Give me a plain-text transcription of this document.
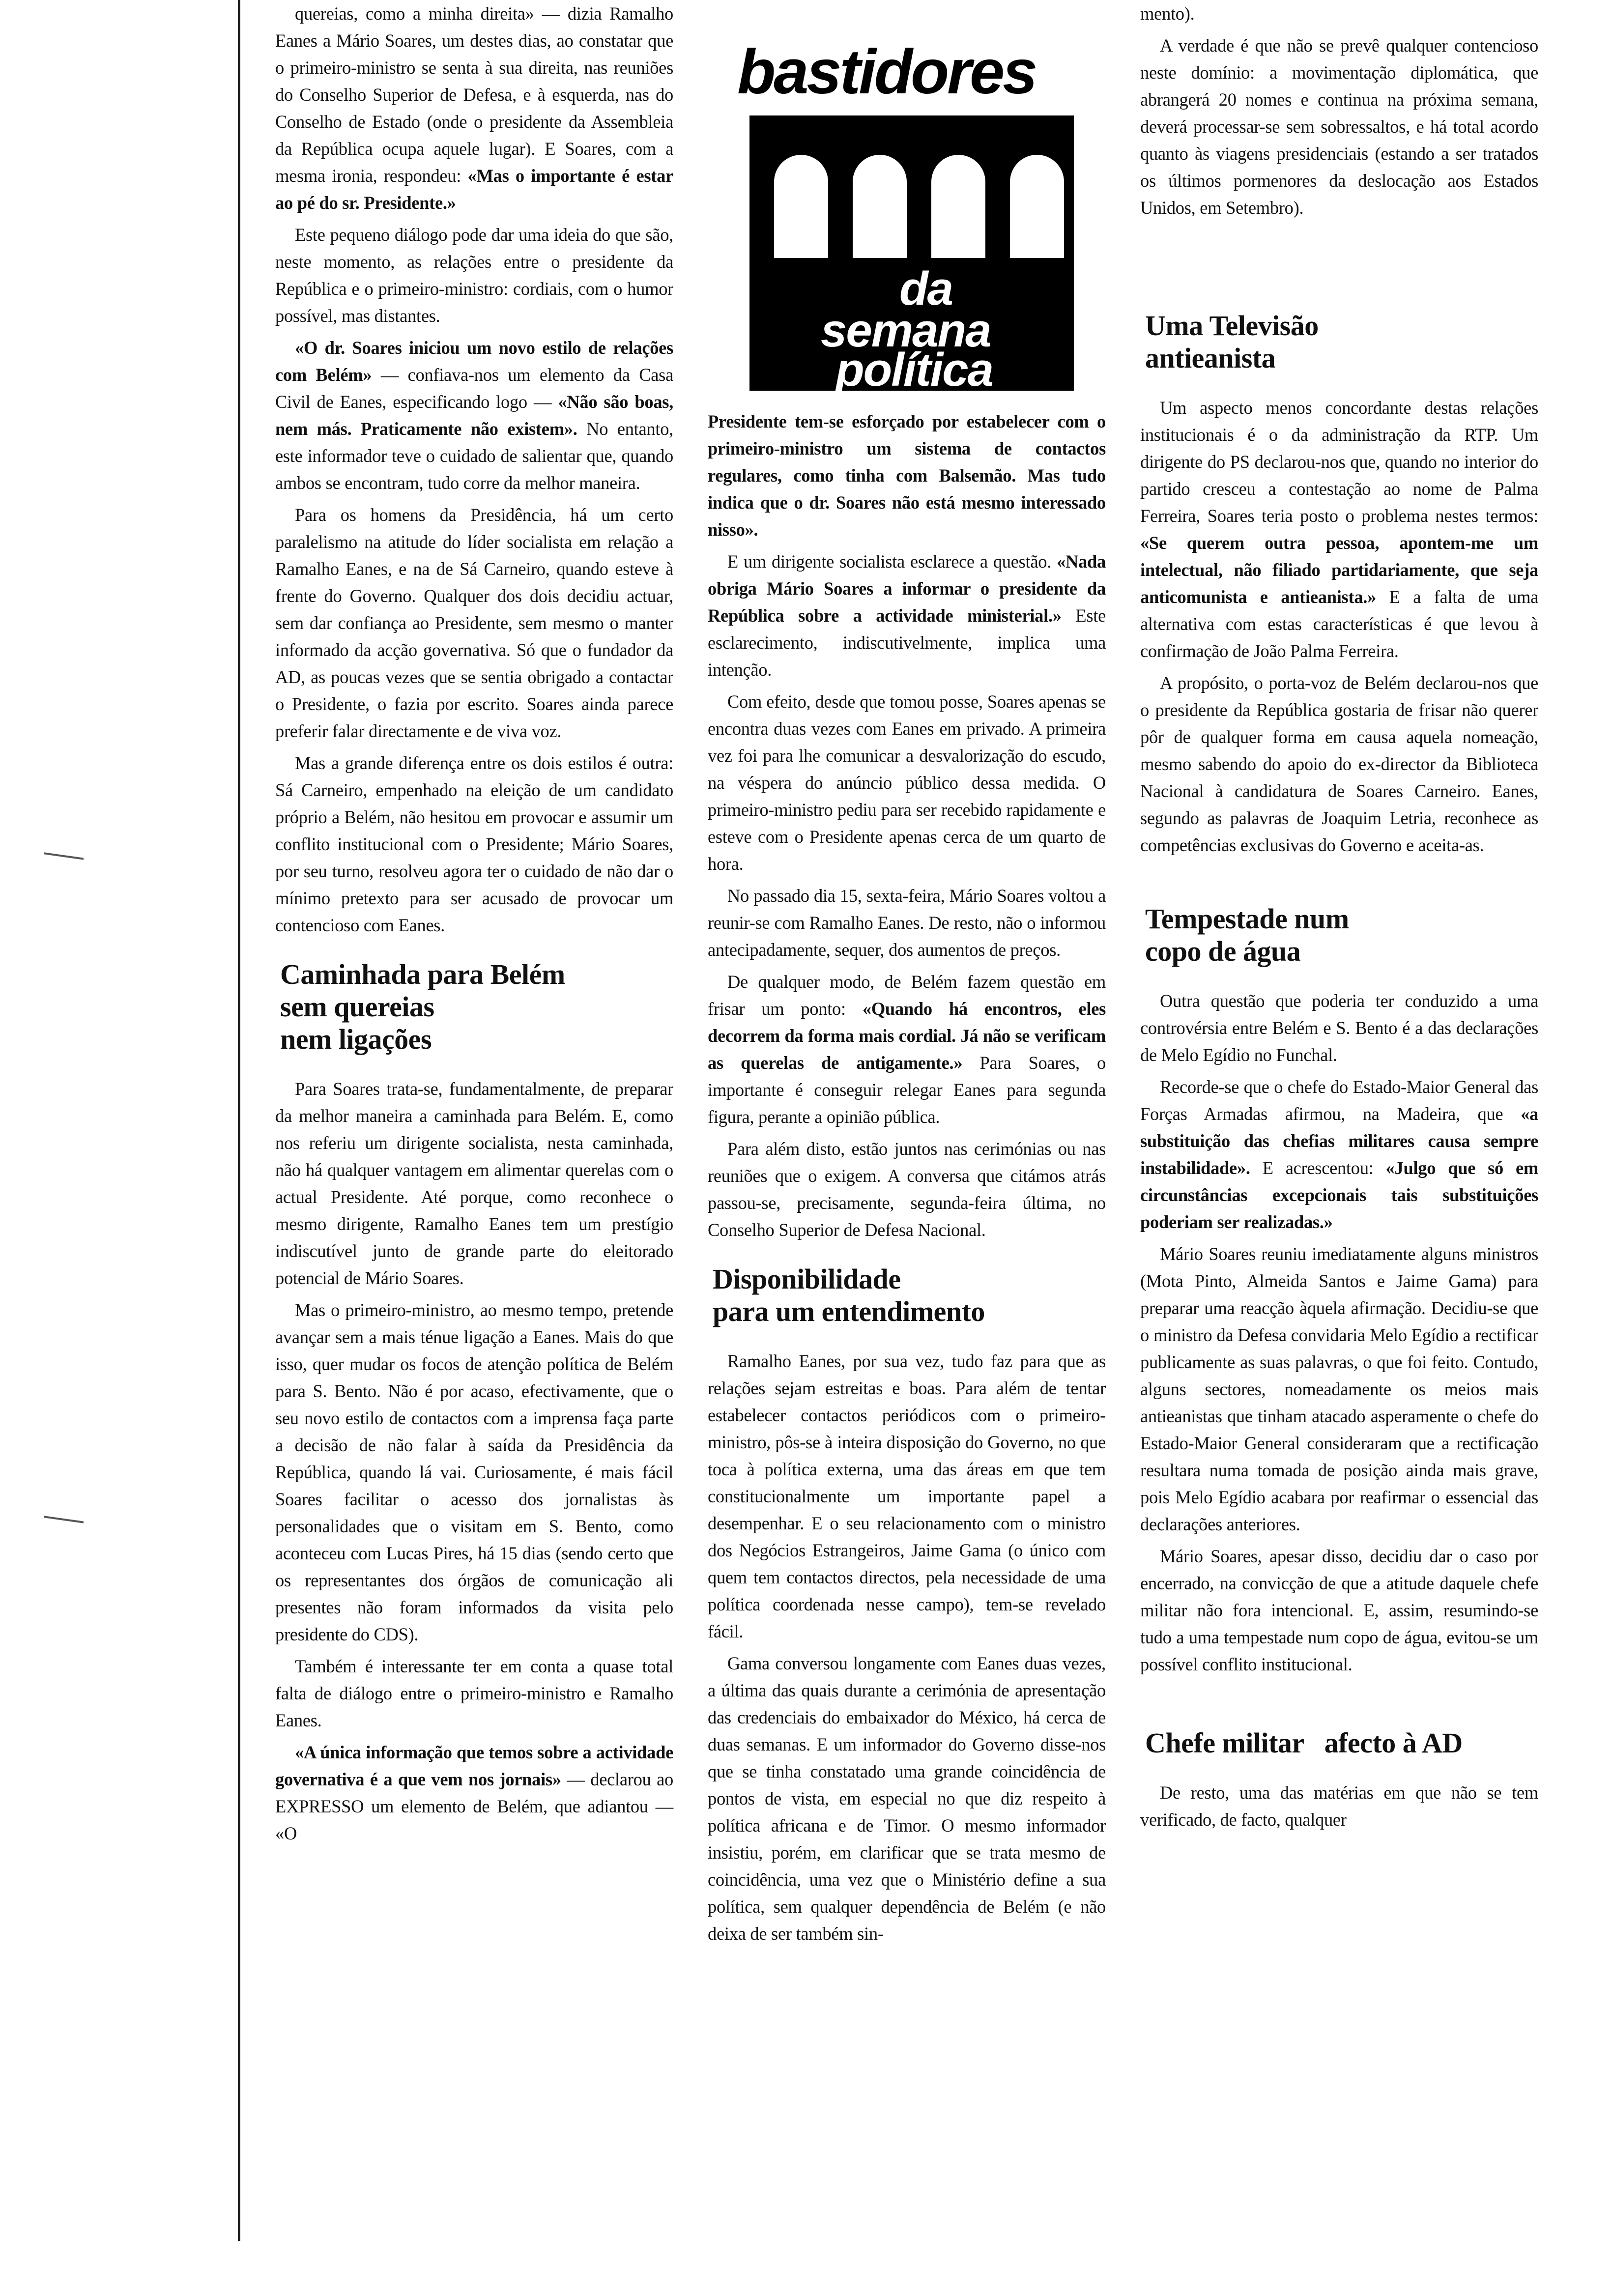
quereias, como a minha direita» — dizia Ramalho Eanes a Mário Soares, um destes dias, ao constatar que o primeiro-ministro se senta à sua direita, nas reuniões do Conselho Superior de Defesa, e à esquerda, nas do Conselho de Estado (onde o presidente da Assembleia da República ocupa aquele lugar). E Soares, com a mesma ironia, respondeu: «Mas o importante é estar ao pé do sr. Presidente.»

Este pequeno diálogo pode dar uma ideia do que são, neste momento, as relações entre o presidente da República e o primeiro-ministro: cordiais, com o humor possível, mas distantes.

«O dr. Soares iniciou um novo estilo de relações com Belém» — confiava-nos um elemento da Casa Civil de Eanes, especificando logo — «Não são boas, nem más. Praticamente não existem». No entanto, este informador teve o cuidado de salientar que, quando ambos se encontram, tudo corre da melhor maneira.

Para os homens da Presidência, há um certo paralelismo na atitude do líder socialista em relação a Ramalho Eanes, e na de Sá Carneiro, quando esteve à frente do Governo. Qualquer dos dois decidiu actuar, sem dar confiança ao Presidente, sem mesmo o manter informado da acção governativa. Só que o fundador da AD, as poucas vezes que se sentia obrigado a contactar o Presidente, o fazia por escrito. Soares ainda parece preferir falar directamente e de viva voz.

Mas a grande diferença entre os dois estilos é outra: Sá Carneiro, empenhado na eleição de um candidato próprio a Belém, não hesitou em provocar e assumir um conflito institucional com o Presidente; Mário Soares, por seu turno, resolveu agora ter o cuidado de não dar o mínimo pretexto para ser acusado de provocar um contencioso com Eanes.

Caminhada para Belém
sem quereias
nem ligações

Para Soares trata-se, fundamentalmente, de preparar da melhor maneira a caminhada para Belém. E, como nos referiu um dirigente socialista, nesta caminhada, não há qualquer vantagem em alimentar querelas com o actual Presidente. Até porque, como reconhece o mesmo dirigente, Ramalho Eanes tem um prestígio indiscutível junto de grande parte do eleitorado potencial de Mário Soares.

Mas o primeiro-ministro, ao mesmo tempo, pretende avançar sem a mais ténue ligação a Eanes. Mais do que isso, quer mudar os focos de atenção política de Belém para S. Bento. Não é por acaso, efectivamente, que o seu novo estilo de contactos com a imprensa faça parte a decisão de não falar à saída da Presidência da República, quando lá vai. Curiosamente, é mais fácil Soares facilitar o acesso dos jornalistas às personalidades que o visitam em S. Bento, como aconteceu com Lucas Pires, há 15 dias (sendo certo que os representantes dos órgãos de comunicação ali presentes não foram informados da visita pelo presidente do CDS).

Também é interessante ter em conta a quase total falta de diálogo entre o primeiro-ministro e Ramalho Eanes.

«A única informação que temos sobre a actividade governativa é a que vem nos jornais» — declarou ao EXPRESSO um elemento de Belém, que adiantou — «O

bastidores
da
semana
política

Presidente tem-se esforçado por estabelecer com o primeiro-ministro um sistema de contactos regulares, como tinha com Balsemão. Mas tudo indica que o dr. Soares não está mesmo interessado nisso».

E um dirigente socialista esclarece a questão. «Nada obriga Mário Soares a informar o presidente da República sobre a actividade ministerial.» Este esclarecimento, indiscutivelmente, implica uma intenção.

Com efeito, desde que tomou posse, Soares apenas se encontra duas vezes com Eanes em privado. A primeira vez foi para lhe comunicar a desvalorização do escudo, na véspera do anúncio público dessa medida. O primeiro-ministro pediu para ser recebido rapidamente e esteve com o Presidente apenas cerca de um quarto de hora.

No passado dia 15, sexta-feira, Mário Soares voltou a reunir-se com Ramalho Eanes. De resto, não o informou antecipadamente, sequer, dos aumentos de preços.

De qualquer modo, de Belém fazem questão em frisar um ponto: «Quando há encontros, eles decorrem da forma mais cordial. Já não se verificam as querelas de antigamente.» Para Soares, o importante é conseguir relegar Eanes para segunda figura, perante a opinião pública.

Para além disto, estão juntos nas cerimónias ou nas reuniões que o exigem. A conversa que citámos atrás passou-se, precisamente, segunda-feira última, no Conselho Superior de Defesa Nacional.

Disponibilidade
para um entendimento

Ramalho Eanes, por sua vez, tudo faz para que as relações sejam estreitas e boas. Para além de tentar estabelecer contactos periódicos com o primeiro-ministro, pôs-se à inteira disposição do Governo, no que toca à política externa, uma das áreas em que tem constitucionalmente um importante papel a desempenhar. E o seu relacionamento com o ministro dos Negócios Estrangeiros, Jaime Gama (o único com quem tem contactos directos, pela necessidade de uma política coordenada nesse campo), tem-se revelado fácil.

Gama conversou longamente com Eanes duas vezes, a última das quais durante a cerimónia de apresentação das credenciais do embaixador do México, há cerca de duas semanas. E um informador do Governo disse-nos que se tinha constatado uma grande coincidência de pontos de vista, em especial no que diz respeito à política africana e de Timor. O mesmo informador insistiu, porém, em clarificar que se trata mesmo de coincidência, uma vez que o Ministério define a sua política, sem qualquer dependência de Belém (e não deixa de ser também sin-

mento).

A verdade é que não se prevê qualquer contencioso neste domínio: a movimentação diplomática, que abrangerá 20 nomes e continua na próxima semana, deverá processar-se sem sobressaltos, e há total acordo quanto às viagens presidenciais (estando a ser tratados os últimos pormenores da deslocação aos Estados Unidos, em Setembro).

Uma Televisão
antieanista

Um aspecto menos concordante destas relações institucionais é o da administração da RTP. Um dirigente do PS declarou-nos que, quando no interior do partido cresceu a contestação ao nome de Palma Ferreira, Soares teria posto o problema nestes termos: «Se querem outra pessoa, apontem-me um intelectual, não filiado partidariamente, que seja anticomunista e antieanista.» E a falta de uma alternativa com estas características é que levou à confirmação de João Palma Ferreira.

A propósito, o porta-voz de Belém declarou-nos que o presidente da República gostaria de frisar não querer pôr de qualquer forma em causa aquela nomeação, mesmo sabendo do apoio do ex-director da Biblioteca Nacional à candidatura de Soares Carneiro. Eanes, segundo as palavras de Joaquim Letria, reconhece as competências exclusivas do Governo e aceita-as.

Tempestade num
copo de água

Outra questão que poderia ter conduzido a uma controvérsia entre Belém e S. Bento é a das declarações de Melo Egídio no Funchal.

Recorde-se que o chefe do Estado-Maior General das Forças Armadas afirmou, na Madeira, que «a substituição das chefias militares causa sempre instabilidade». E acrescentou: «Julgo que só em circunstâncias excepcionais tais substituições poderiam ser realizadas.»

Mário Soares reuniu imediatamente alguns ministros (Mota Pinto, Almeida Santos e Jaime Gama) para preparar uma reacção àquela afirmação. Decidiu-se que o ministro da Defesa convidaria Melo Egídio a rectificar publicamente as suas palavras, o que foi feito. Contudo, alguns sectores, nomeadamente os meios mais antieanistas que tinham atacado asperamente o chefe do Estado-Maior General consideraram que a rectificação resultara numa tomada de posição ainda mais grave, pois Melo Egídio acabara por reafirmar o essencial das declarações anteriores.

Mário Soares, apesar disso, decidiu dar o caso por encerrado, na convicção de que a atitude daquele chefe militar não fora intencional. E, assim, resumindo-se tudo a uma tempestade num copo de água, evitou-se um possível conflito institucional.

Chefe militar   afecto à AD

De resto, uma das matérias em que não se tem verificado, de facto, qualquer
